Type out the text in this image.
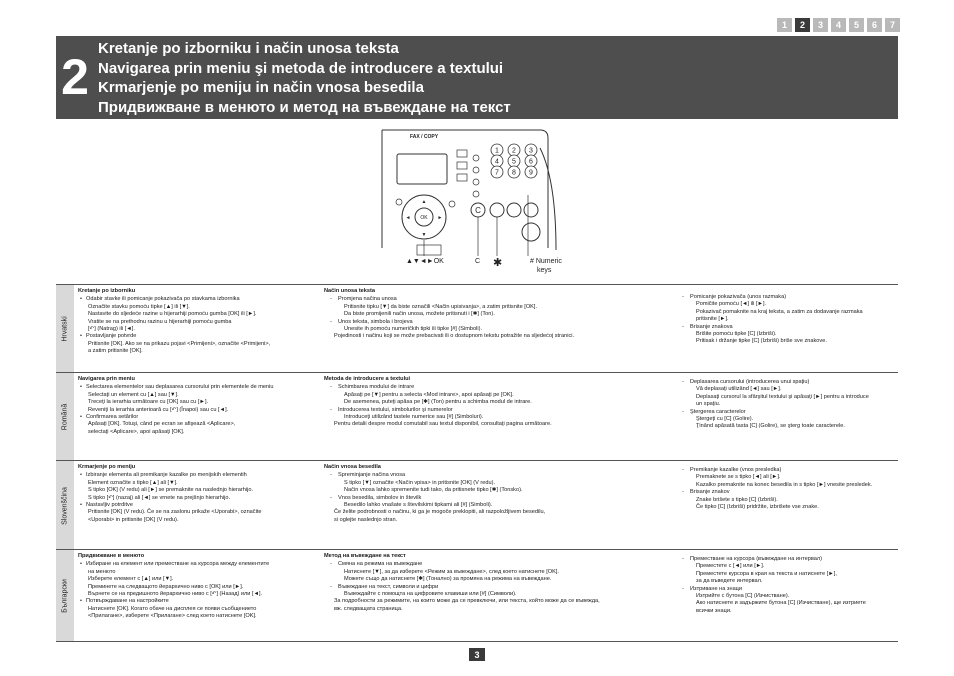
1	2	3	4	5	6	7
2
Kretanje po izborniku i način unosa teksta
Navigarea prin meniu şi metoda de introducere a textului
Krmarjenje po meniju in način vnosa besedila
Придвижване в менюто и метод на въвеждане на текст
FAX / COPY
OK
▲
▼
◄	►
1 2 3
4 5 6
7 8 9
C
▲▼◄►OK	C ✱	# Numeric
keys
Hrvatski
Kretanje po izborniku
• Odabir stavke ili pomicanje pokazivača po stavkama izbornika
Označite stavku pomoću tipke [▲] ili [▼].
Nastavite do sljedeće razine u hijerarhiji pomoću gumba [OK] ili [►].
Vratite se na prethodnu razinu u hijerarhiji pomoću gumba
[↶] (Natrag) ili [◄].
• Postavljanje potvrde
Pritisnite [OK]. Ako se na prikazu pojavi <Primijeni>, označite <Primijeni>,
a zatim pritisnite [OK].
Način unosa teksta
- Promjena načina unosa
Pritisnite tipku [▼] da biste označili <Način upisivanja>, a zatim pritisnite [OK].
Da biste promijenili način unosa, možete pritisnuti i [✱] (Ton).
- Unos teksta, simbola i brojeva
Unesite ih pomoću numeričkih tipki ili tipke [#] (Simboli).
Pojedinosti i načinu koji se može prebacivati ili o dostupnom tekstu potražite na sljedećoj stranici.
- Pomicanje pokazivača (unos razmaka)
Pomičite pomoću [◄] ili [►].
Pokazivač pomaknite na kraj teksta, a zatim za dodavanje razmaka
pritisnite [►].
- Brisanje znakova
Brišite pomoću tipke [C] (Izbriši).
Pritisak i držanje tipke [C] (Izbriši) briše sve znakove.
Română
Navigarea prin meniu
• Selectarea elementelor sau deplasarea cursorului prin elementele de meniu
Selectaţi un element cu [▲] sau [▼].
Treceţi la ierarhia următoare cu [OK] sau cu [►].
Reveniţi la ierarhia anterioară cu [↶] (Înapoi) sau cu [◄].
• Confirmarea setărilor
Apăsaţi [OK]. Totuşi, când pe ecran se afişează <Aplicare>,
selectaţi <Aplicare>, apoi apăsaţi [OK].
Metoda de introducere a textului
- Schimbarea modului de intrare
Apăsaţi pe [▼] pentru a selecta <Mod intrare>, apoi apăsaţi pe [OK].
De asemenea, puteţi apăsa pe [✱] (Ton) pentru a schimba modul de intrare.
- Introducerea textului, simbolurilor şi numerelor
Introduceţi utilizând tastele numerice sau [#] (Simboluri).
Pentru detalii despre modul comutabil sau textul disponibil, consultaţi pagina următoare.
- Deplasarea cursorului (introducerea unui spaţiu)
Vă deplasaţi utilizând [◄] sau [►].
Deplasaţi cursorul la sfârşitul textului şi apăsaţi [►] pentru a introduce
un spaţiu.
- Ştergerea caracterelor
Ştergeţi cu [C] (Golire).
Ţinând apăsată tasta [C] (Golire), se şterg toate caracterele.
Slovenščina
Krmarjenje po meniju
• Izbiranje elementa ali premikanje kazalke po menijskih elementih
Element označite s tipko [▲] ali [▼].
S tipko [OK] (V redu) ali [►] se premaknite na naslednjo hierarhijo.
S tipko [↶] (nazaj) ali [◄] se vrnete na prejšnjo hierarhijo.
• Nastavljiv potrditve
Pritisnite [OK] (V redu). Če se na zaslonu prikaže <Uporabi>, označite
<Uporabi> in pritisnite [OK] (V redu).
Način vnosa besedila
- Spreminjanje načina vnosa
S tipko [▼] označite <Način vpisa> in pritisnite [OK] (V redu).
Način vnosa lahko spremenite tudi tako, da pritisnete tipko [✱] (Tonsko).
- Vnos besedila, simbolov in številk
Besedilo lahko vnašate s številskimi tipkami ali [#] (Simboli).
Če želite podrobnosti o načinu, ki ga je mogoče preklopiti, ali razpoložljivem besedilu,
si oglejte naslednjo stran.
- Premikanje kazalke (vnos presledka)
Premaknete se s tipko [◄] ali [►].
Kazalko premaknite na konec besedila in s tipko [►] vnesite presledek.
- Brisanje znakov
Znake brišete s tipko [C] (Izbriši).
Če tipko [C] (Izbriši) pridržite, izbrišete vse znake.
Български
Придвижване в менюто
• Избиране на елемент или преместване на курсора между елементите
на менюто
Изберете елемент с [▲] или [▼].
Преминете на следващото йерархично ниво с [OK] или [►].
Върнете се на предишното йерархично ниво с [↶] (Назад) или [◄].
• Потвърждаване на настройките
Натиснете [OK]. Когато обаче на дисплея се появи съобщението
<Прилагане>, изберете <Прилагане> след което натиснете [OK].
Метод на въвеждане на текст
- Смяна на режима на въвеждане
Натиснете [▼], за да изберете <Режим за въвеждане>, след което натиснете [OK].
Можете също да натиснете [✱] (Тонално) за промяна на режима на въвеждане.
- Въвеждане на текст, символи и цифри
Въвеждайте с помощта на цифровите клавиши или [#] (Символи).
За подробности за режимите, на които може да се превключи, или текста, който може да се въвежда,
вж. следващата страница.
- Преместване на курсора (въвеждане на интервал)
Преместете с [◄] или [►].
Преместете курсора в края на текста и натиснете [►],
за да въведете интервал.
- Изтриване на знаци
Изтрийте с бутона [C] (Изчистване).
Ако натиснете и задържите бутона [C] (Изчистване), ще изтриете
всички знаци.
3
